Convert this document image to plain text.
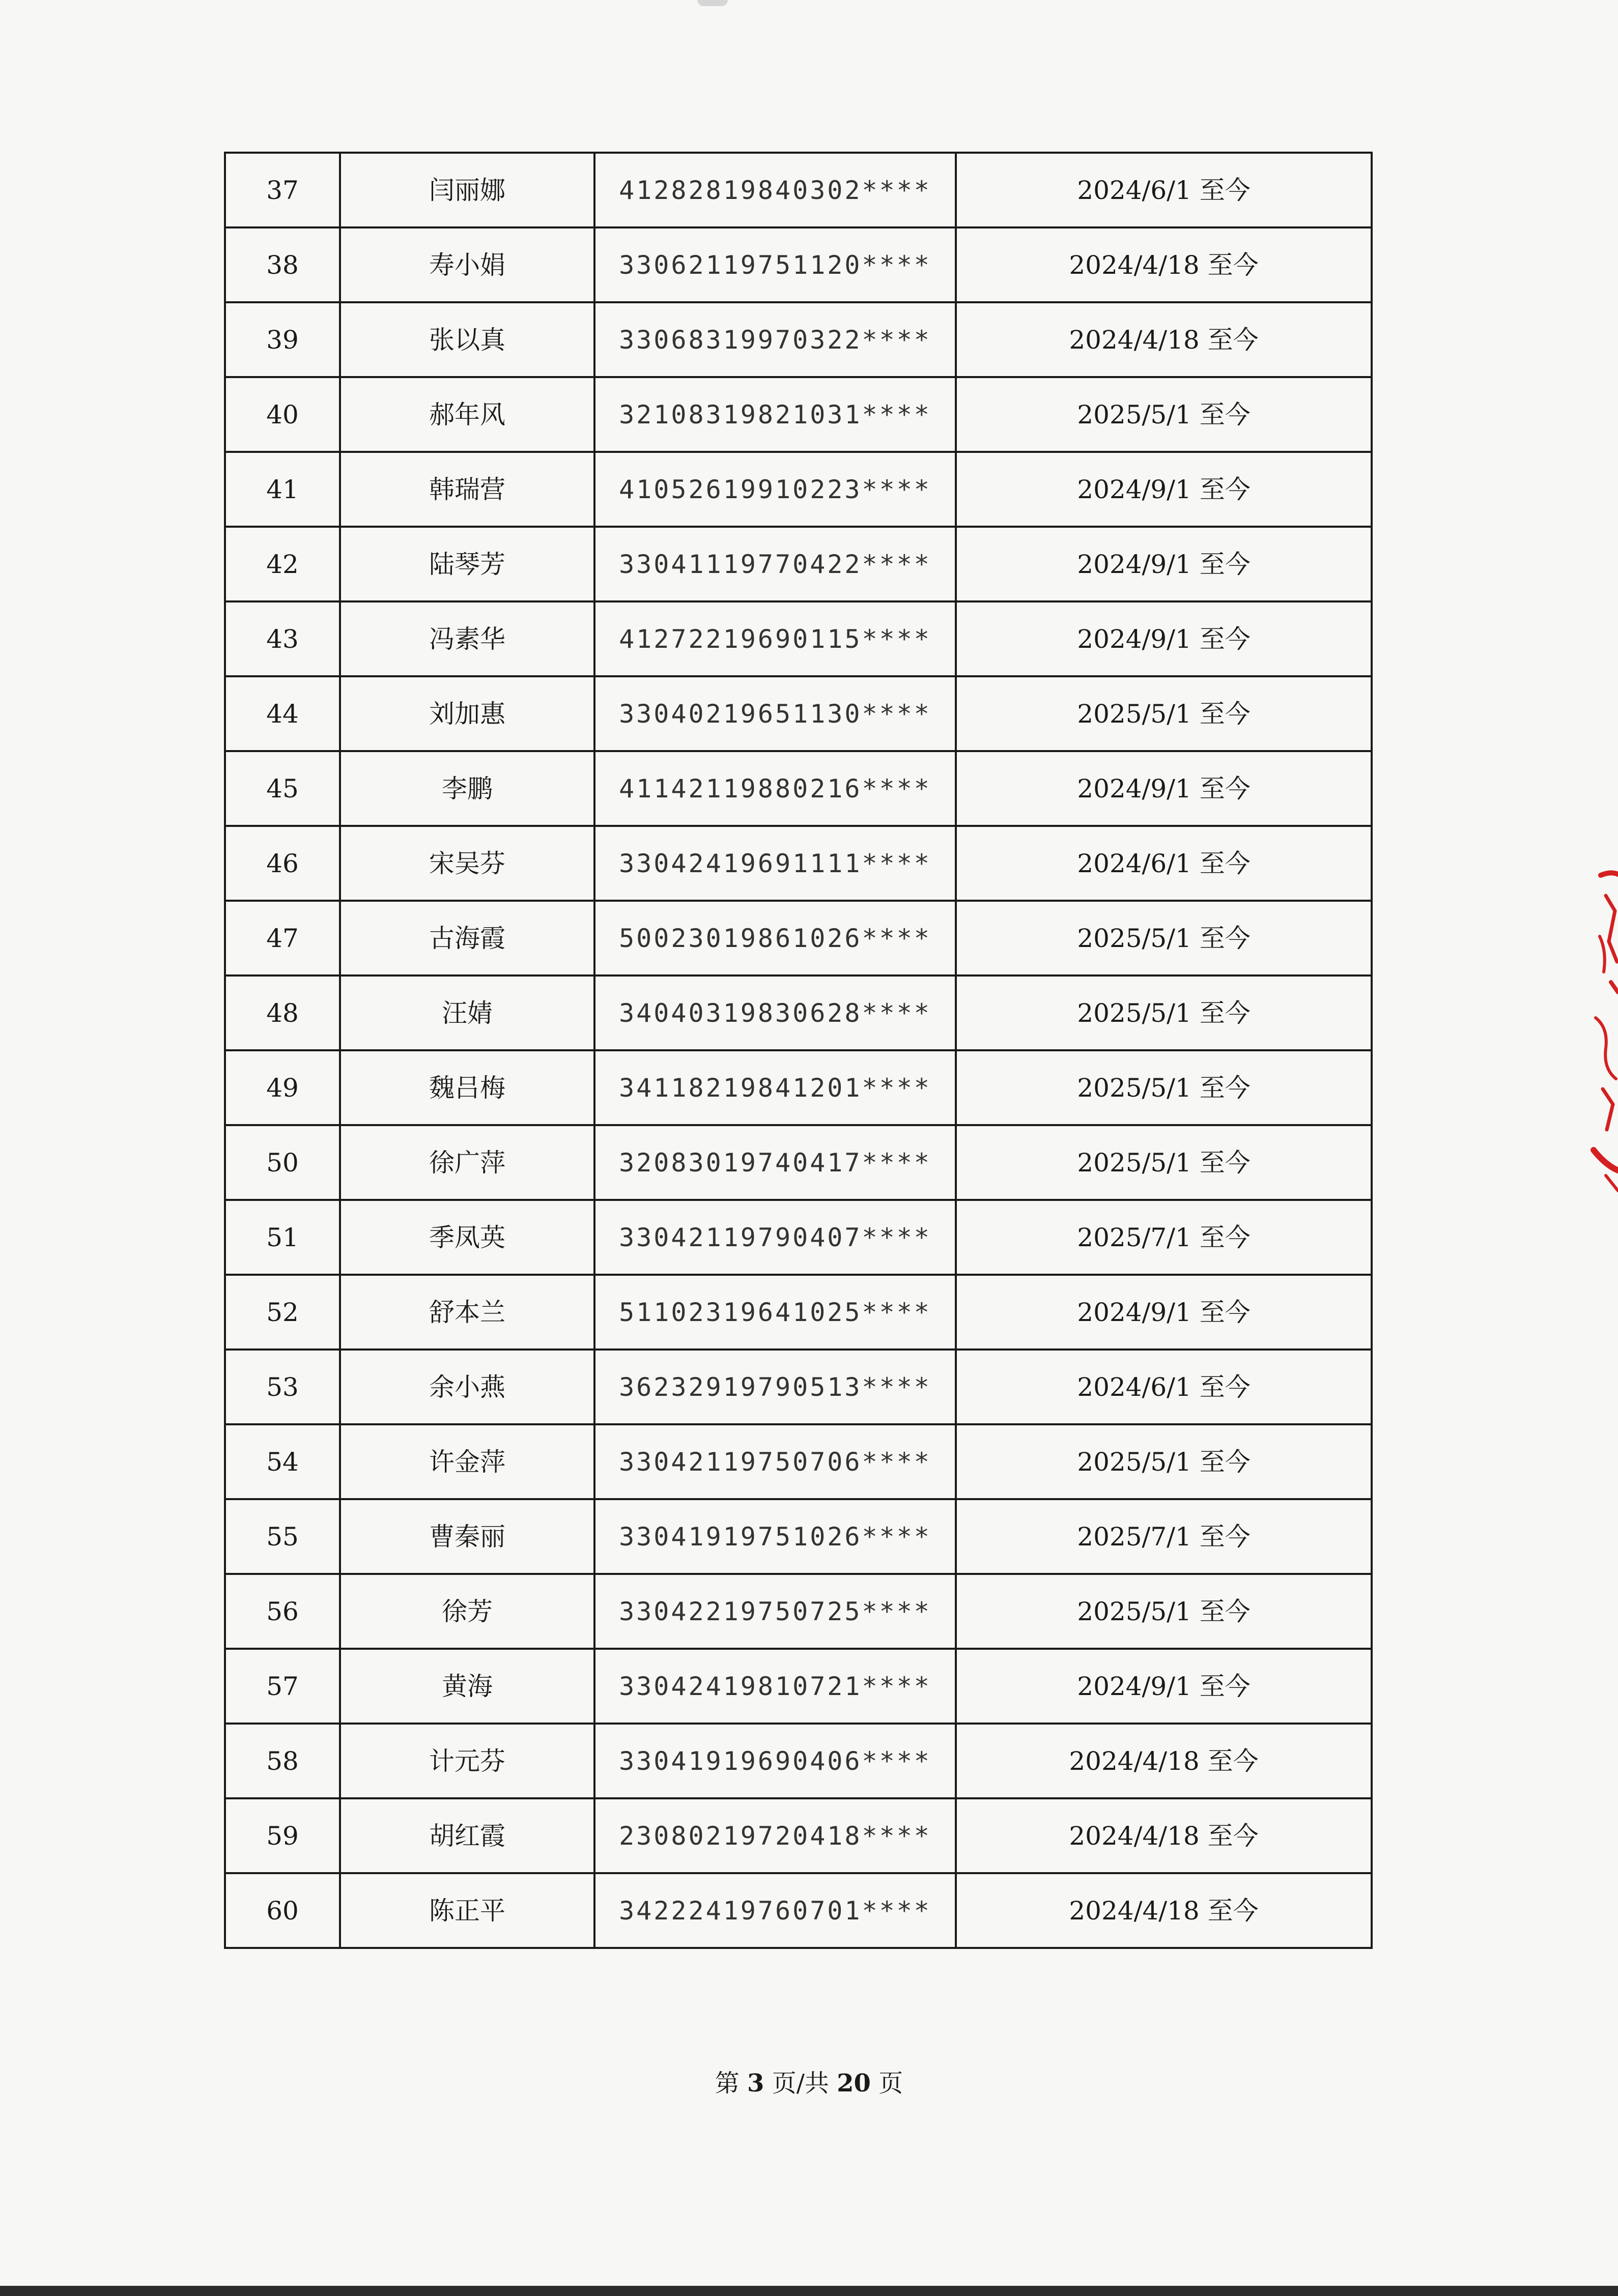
37	闫丽娜	41282819840302****	2024/6/1 至今
38	寿小娟	33062119751120****	2024/4/18 至今
39	张以真	33068319970322****	2024/4/18 至今
40	郝年风	32108319821031****	2025/5/1 至今
41	韩瑞营	41052619910223****	2024/9/1 至今
42	陆琴芳	33041119770422****	2024/9/1 至今
43	冯素华	41272219690115****	2024/9/1 至今
44	刘加惠	33040219651130****	2025/5/1 至今
45	李鹏	41142119880216****	2024/9/1 至今
46	宋吴芬	33042419691111****	2024/6/1 至今
47	古海霞	50023019861026****	2025/5/1 至今
48	汪婧	34040319830628****	2025/5/1 至今
49	魏吕梅	34118219841201****	2025/5/1 至今
50	徐广萍	32083019740417****	2025/5/1 至今
51	季凤英	33042119790407****	2025/7/1 至今
52	舒本兰	51102319641025****	2024/9/1 至今
53	余小燕	36232919790513****	2024/6/1 至今
54	许金萍	33042119750706****	2025/5/1 至今
55	曹秦丽	33041919751026****	2025/7/1 至今
56	徐芳	33042219750725****	2025/5/1 至今
57	黄海	33042419810721****	2024/9/1 至今
58	计元芬	33041919690406****	2024/4/18 至今
59	胡红霞	23080219720418****	2024/4/18 至今
60	陈正平	34222419760701****	2024/4/18 至今
第 3 页/共 20 页
